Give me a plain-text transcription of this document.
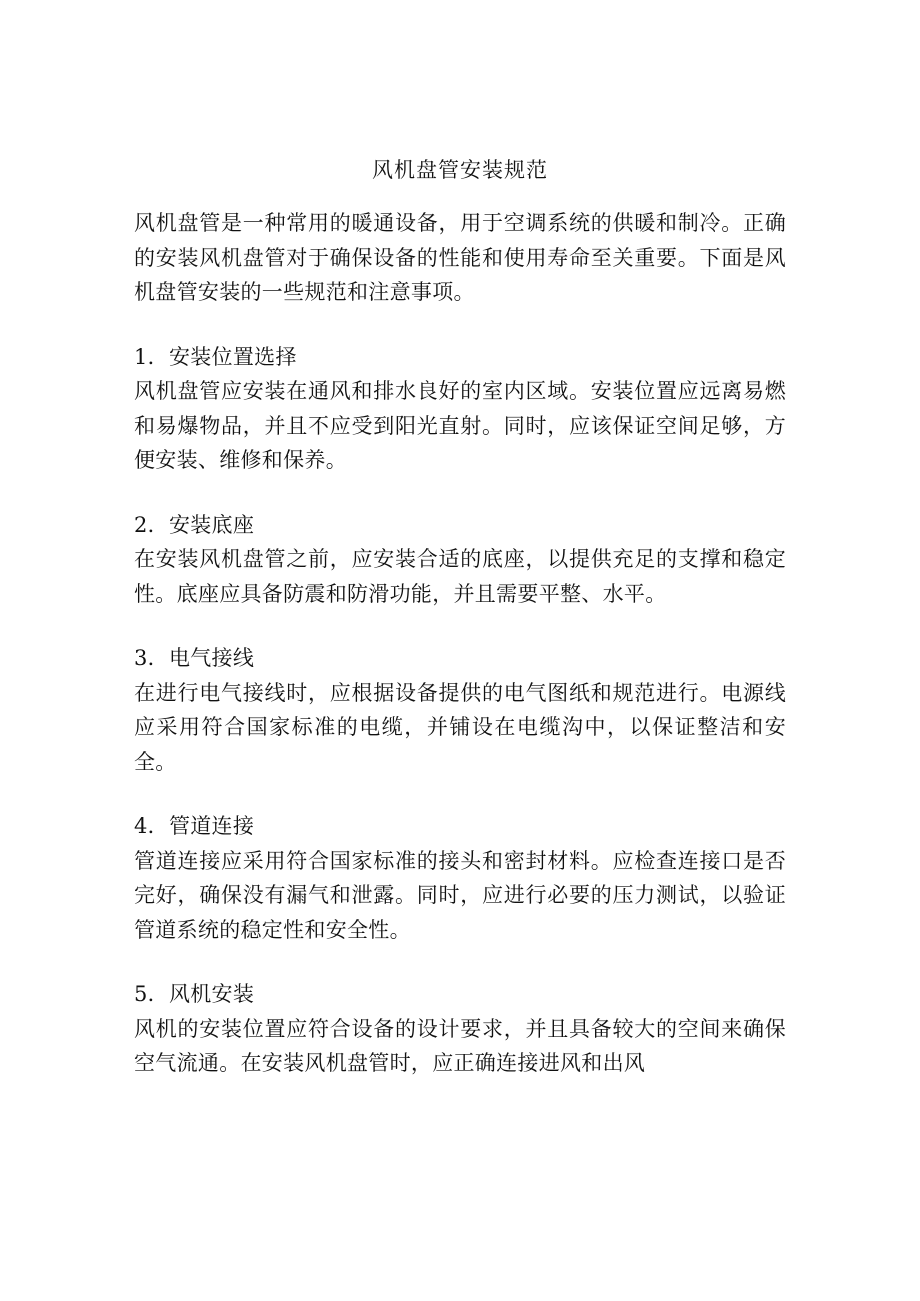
风机盘管安装规范

风机盘管是一种常用的暖通设备，用于空调系统的供暖和制冷。正确的安装风机盘管对于确保设备的性能和使用寿命至关重要。下面是风机盘管安装的一些规范和注意事项。

1．安装位置选择

风机盘管应安装在通风和排水良好的室内区域。安装位置应远离易燃和易爆物品，并且不应受到阳光直射。同时，应该保证空间足够，方便安装、维修和保养。

2．安装底座

在安装风机盘管之前，应安装合适的底座，以提供充足的支撑和稳定性。底座应具备防震和防滑功能，并且需要平整、水平。

3．电气接线

在进行电气接线时，应根据设备提供的电气图纸和规范进行。电源线应采用符合国家标准的电缆，并铺设在电缆沟中，以保证整洁和安全。

4．管道连接

管道连接应采用符合国家标准的接头和密封材料。应检查连接口是否完好，确保没有漏气和泄露。同时，应进行必要的压力测试，以验证管道系统的稳定性和安全性。

5．风机安装

风机的安装位置应符合设备的设计要求，并且具备较大的空间来确保空气流通。在安装风机盘管时，应正确连接进风和出风
